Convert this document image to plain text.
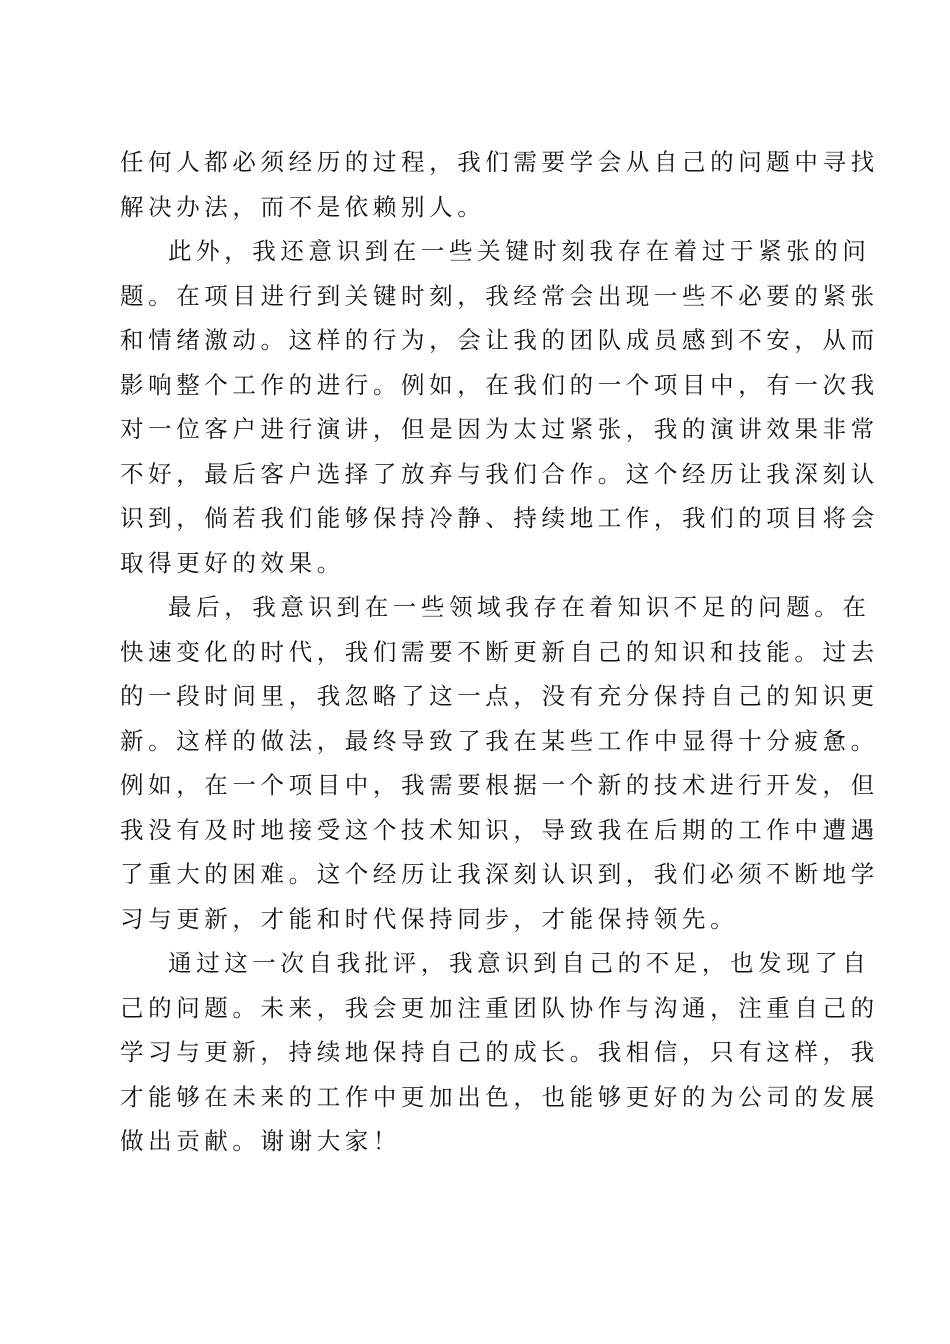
任何人都必须经历的过程，我们需要学会从自己的问题中寻找
解决办法，而不是依赖别人。
此外，我还意识到在一些关键时刻我存在着过于紧张的问
题。在项目进行到关键时刻，我经常会出现一些不必要的紧张
和情绪激动。这样的行为，会让我的团队成员感到不安，从而
影响整个工作的进行。例如，在我们的一个项目中，有一次我
对一位客户进行演讲，但是因为太过紧张，我的演讲效果非常
不好，最后客户选择了放弃与我们合作。这个经历让我深刻认
识到，倘若我们能够保持冷静、持续地工作，我们的项目将会
取得更好的效果。
最后，我意识到在一些领域我存在着知识不足的问题。在
快速变化的时代，我们需要不断更新自己的知识和技能。过去
的一段时间里，我忽略了这一点，没有充分保持自己的知识更
新。这样的做法，最终导致了我在某些工作中显得十分疲惫。
例如，在一个项目中，我需要根据一个新的技术进行开发，但
我没有及时地接受这个技术知识，导致我在后期的工作中遭遇
了重大的困难。这个经历让我深刻认识到，我们必须不断地学
习与更新，才能和时代保持同步，才能保持领先。
通过这一次自我批评，我意识到自己的不足，也发现了自
己的问题。未来，我会更加注重团队协作与沟通，注重自己的
学习与更新，持续地保持自己的成长。我相信，只有这样，我
才能够在未来的工作中更加出色，也能够更好的为公司的发展
做出贡献。谢谢大家！
